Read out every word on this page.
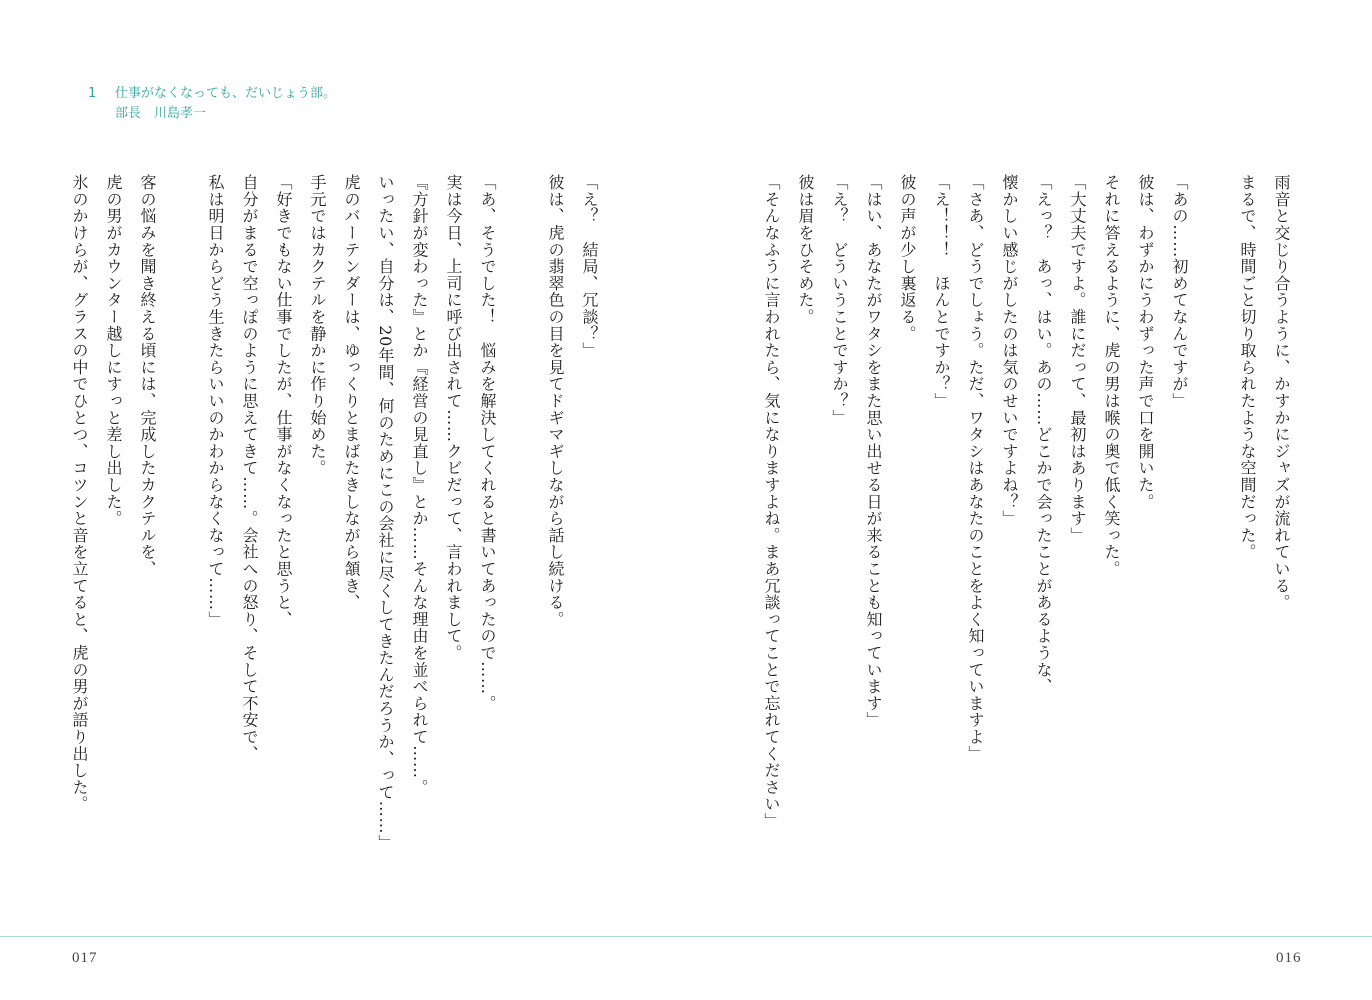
1	仕事がなくなっても、だいじょう部。
部長　川島孝一
雨音と交じり合うように、かすかにジャズが流れている。
まるで、時間ごと切り取られたような空間だった。
「あの……初めてなんですが」
彼は、わずかにうわずった声で口を開いた。
それに答えるように、虎の男は喉の奥で低く笑った。
「大丈夫ですよ。誰にだって、最初はあります」
「えっ？　あっ、はい。あの……どこかで会ったことがあるような、
懐かしい感じがしたのは気のせいですよね？」
「さあ、どうでしょう。ただ、ワタシはあなたのことをよく知っていますよ」
「え！！！　ほんとですか？」
彼の声が少し裏返る。
「はい、あなたがワタシをまた思い出せる日が来ることも知っています」
「え？　どういうことですか？」
彼は眉をひそめた。
「そんなふうに言われたら、気になりますよね。まあ冗談ってことで忘れてください」
「え？　結局、冗談？」
彼は、虎の翡翠色の目を見てドギマギしながら話し続ける。
「あ、そうでした！　悩みを解決してくれると書いてあったので……。
実は今日、上司に呼び出されて……クビだって、言われまして。
『方針が変わった』とか『経営の見直し』とか……そんな理由を並べられて……。
いったい、自分は、20年間、何のためにこの会社に尽くしてきたんだろうか、って……」
虎のバーテンダーは、ゆっくりとまばたきしながら頷き、
手元ではカクテルを静かに作り始めた。
「好きでもない仕事でしたが、仕事がなくなったと思うと、
自分がまるで空っぽのように思えてきて……。会社への怒り、そして不安で、
私は明日からどう生きたらいいのかわからなくなって……」
客の悩みを聞き終える頃には、完成したカクテルを、
虎の男がカウンター越しにすっと差し出した。
氷のかけらが、グラスの中でひとつ、コツンと音を立てると、虎の男が語り出した。
017	016
